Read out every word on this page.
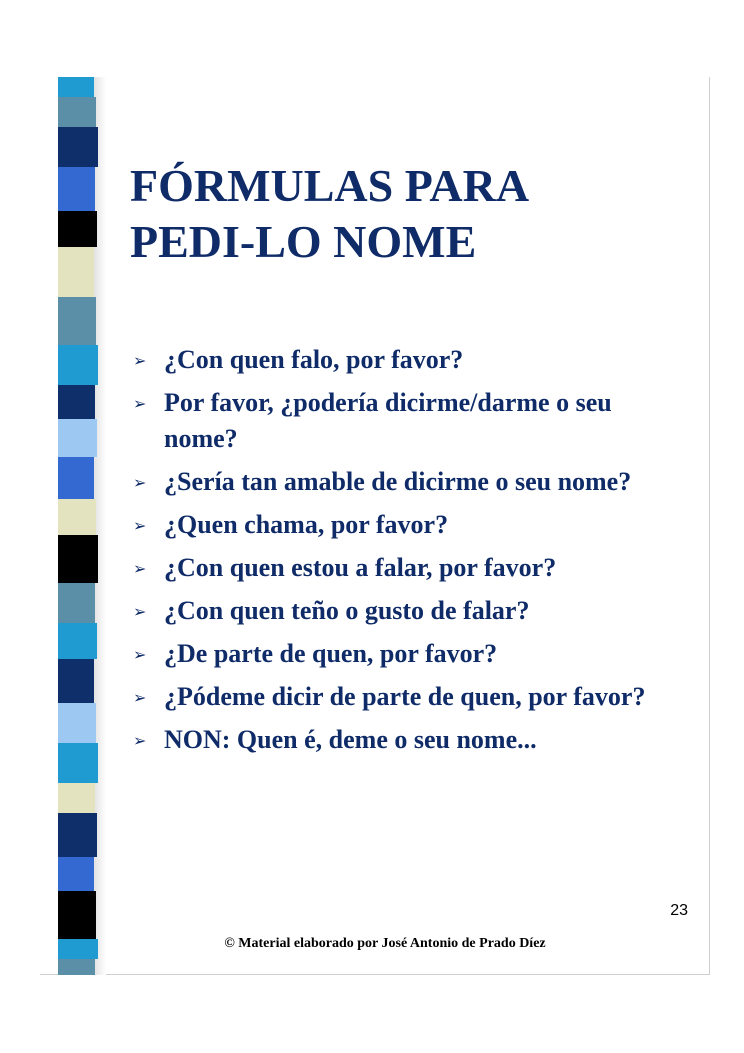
FÓRMULAS PARA
PEDI-LO NOME
➢ ¿Con quen falo, por favor?
➢ Por favor, ¿podería dicirme/darme o seu nome?
➢ ¿Sería tan amable de dicirme o seu nome?
➢ ¿Quen chama, por favor?
➢ ¿Con quen estou a falar, por favor?
➢ ¿Con quen teño o gusto de falar?
➢ ¿De parte de quen, por favor?
➢ ¿Pódeme dicir de parte de quen, por favor?
➢ NON: Quen é, deme o seu nome...
23
© Material elaborado por José Antonio de Prado Díez
